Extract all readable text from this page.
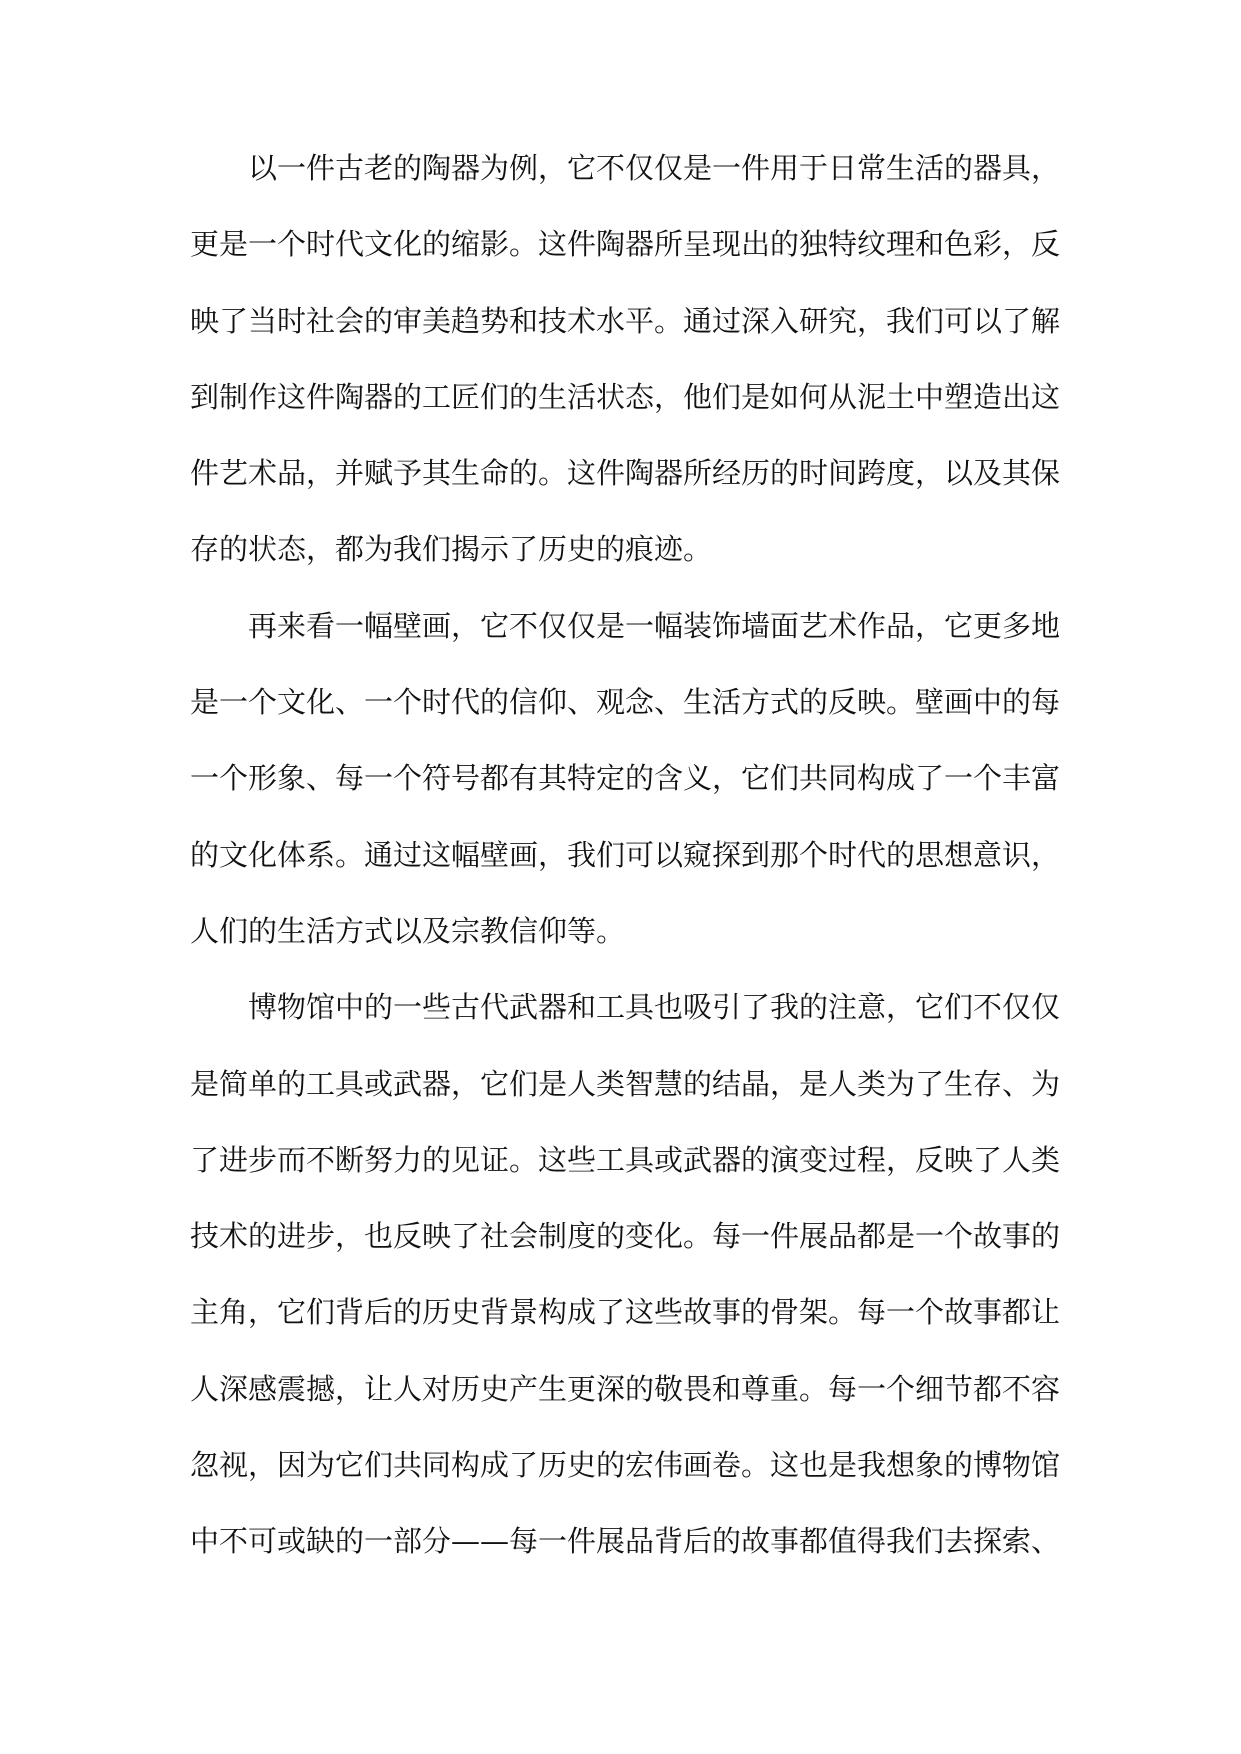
以一件古老的陶器为例，它不仅仅是一件用于日常生活的器具，
更是一个时代文化的缩影。这件陶器所呈现出的独特纹理和色彩，反
映了当时社会的审美趋势和技术水平。通过深入研究，我们可以了解
到制作这件陶器的工匠们的生活状态，他们是如何从泥土中塑造出这
件艺术品，并赋予其生命的。这件陶器所经历的时间跨度，以及其保
存的状态，都为我们揭示了历史的痕迹。
再来看一幅壁画，它不仅仅是一幅装饰墙面艺术作品，它更多地
是一个文化、一个时代的信仰、观念、生活方式的反映。壁画中的每
一个形象、每一个符号都有其特定的含义，它们共同构成了一个丰富
的文化体系。通过这幅壁画，我们可以窥探到那个时代的思想意识，
人们的生活方式以及宗教信仰等。
博物馆中的一些古代武器和工具也吸引了我的注意，它们不仅仅
是简单的工具或武器，它们是人类智慧的结晶，是人类为了生存、为
了进步而不断努力的见证。这些工具或武器的演变过程，反映了人类
技术的进步，也反映了社会制度的变化。每一件展品都是一个故事的
主角，它们背后的历史背景构成了这些故事的骨架。每一个故事都让
人深感震撼，让人对历史产生更深的敬畏和尊重。每一个细节都不容
忽视，因为它们共同构成了历史的宏伟画卷。这也是我想象的博物馆
中不可或缺的一部分——每一件展品背后的故事都值得我们去探索、
